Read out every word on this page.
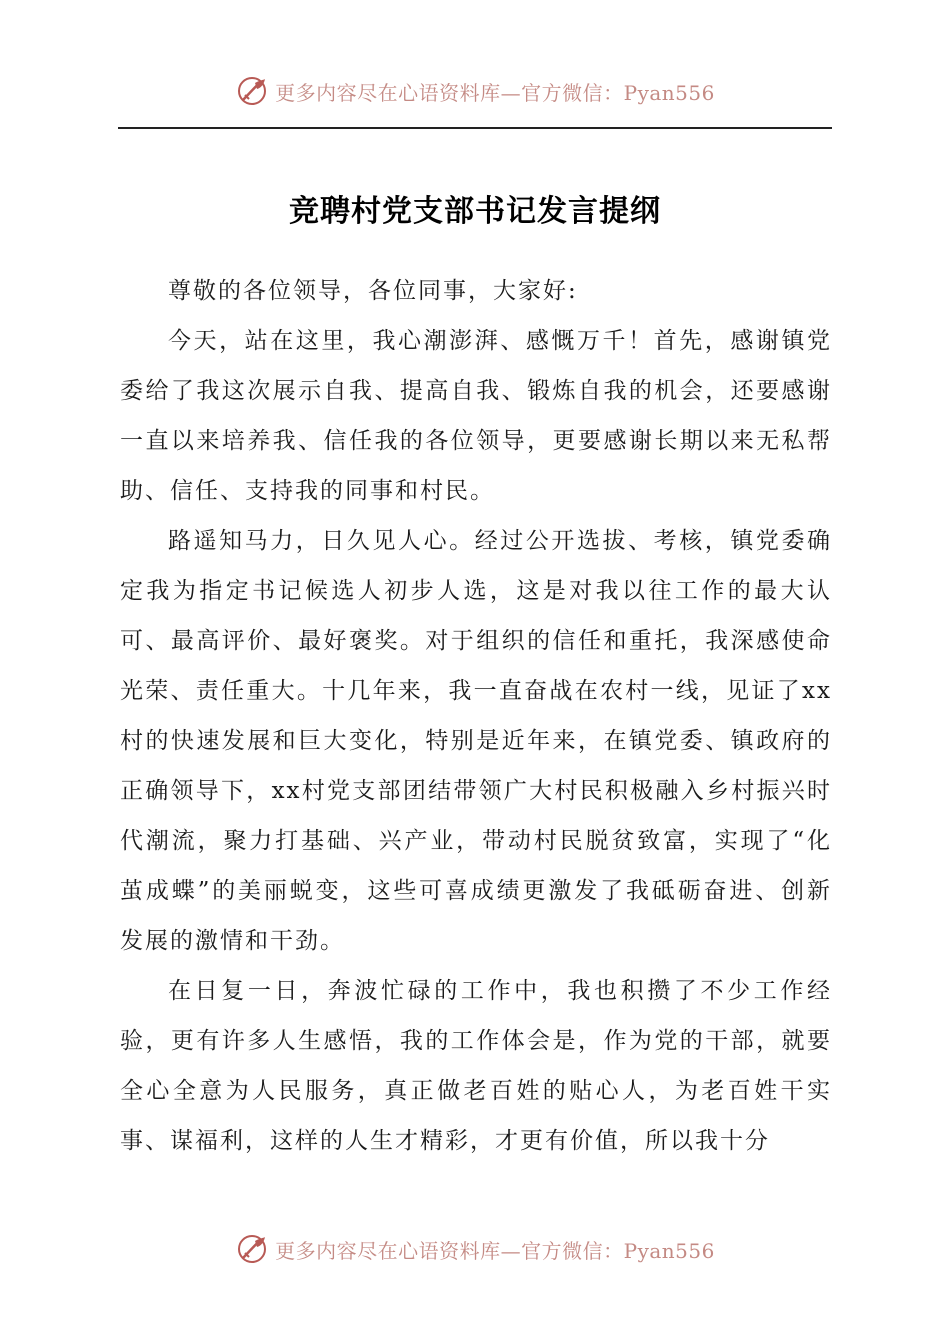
更多内容尽在心语资料库—官方微信：Pyan556
竞聘村党支部书记发言提纲

尊敬的各位领导，各位同事，大家好:

今天，站在这里，我心潮澎湃、感慨万千！首先，感谢镇党委给了我这次展示自我、提高自我、锻炼自我的机会，还要感谢一直以来培养我、信任我的各位领导，更要感谢长期以来无私帮助、信任、支持我的同事和村民。

路遥知马力，日久见人心。经过公开选拔、考核，镇党委确定我为指定书记候选人初步人选，这是对我以往工作的最大认可、最高评价、最好褒奖。对于组织的信任和重托，我深感使命光荣、责任重大。十几年来，我一直奋战在农村一线，见证了xx村的快速发展和巨大变化，特别是近年来，在镇党委、镇政府的正确领导下，xx村党支部团结带领广大村民积极融入乡村振兴时代潮流，聚力打基础、兴产业，带动村民脱贫致富，实现了“化茧成蝶”的美丽蜕变，这些可喜成绩更激发了我砥砺奋进、创新发展的激情和干劲。

在日复一日，奔波忙碌的工作中，我也积攒了不少工作经验，更有许多人生感悟，我的工作体会是，作为党的干部，就要全心全意为人民服务，真正做老百姓的贴心人，为老百姓干实事、谋福利，这样的人生才精彩，才更有价值，所以我十分

更多内容尽在心语资料库—官方微信：Pyan556
